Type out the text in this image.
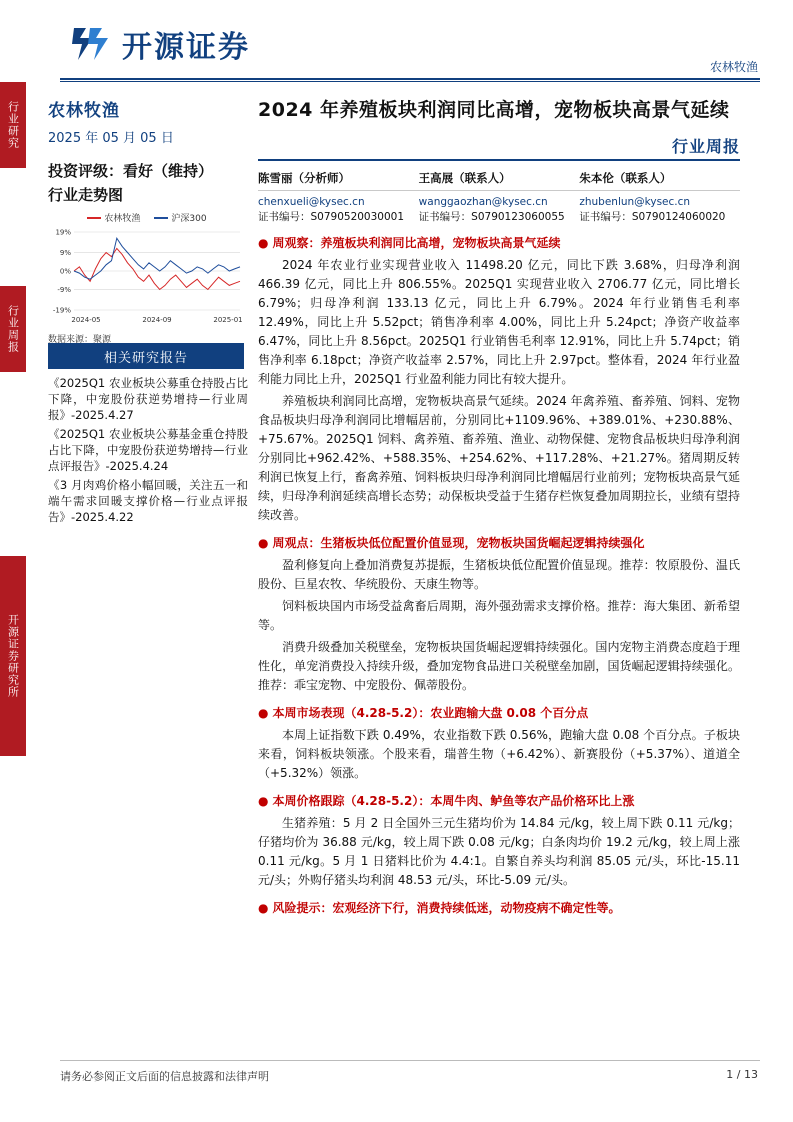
行业研究
行业周报
开源证券研究所
开源证券
农林牧渔
农林牧渔
2025 年 05 月 05 日
投资评级：看好（维持）
行业走势图
农林牧渔	沪深300
19%
9%
0%
-9%
-19%
2024-05	2024-09	2025-01
数据来源：聚源
相关研究报告
《2025Q1 农业板块公募重仓持股占比下降，中宠股份获逆势增持—行业周报》-2025.4.27
《2025Q1 农业板块公募基金重仓持股占比下降，中宠股份获逆势增持—行业点评报告》-2025.4.24
《3 月肉鸡价格小幅回暖，关注五一和端午需求回暖支撑价格—行业点评报告》-2025.4.22
2024 年养殖板块利润同比高增，宠物板块高景气延续
行业周报
陈雪丽（分析师）
chenxueli@kysec.cn
证书编号：S0790520030001
王高展（联系人）
wanggaozhan@kysec.cn
证书编号：S0790123060055
朱本伦（联系人）
zhubenlun@kysec.cn
证书编号：S0790124060020
● 周观察：养殖板块利润同比高增，宠物板块高景气延续
2024 年农业行业实现营业收入 11498.20 亿元，同比下跌 3.68%，归母净利润 466.39 亿元，同比上升 806.55%。2025Q1 实现营业收入 2706.77 亿元，同比增长 6.79%；归母净利润 133.13 亿元，同比上升 6.79%。2024 年行业销售毛利率 12.49%，同比上升 5.52pct；销售净利率 4.00%，同比上升 5.24pct；净资产收益率 6.47%，同比上升 8.56pct。2025Q1 行业销售毛利率 12.91%，同比上升 5.74pct；销售净利率 6.18pct；净资产收益率 2.57%，同比上升 2.97pct。整体看，2024 年行业盈利能力同比上升，2025Q1 行业盈利能力同比有较大提升。
养殖板块利润同比高增，宠物板块高景气延续。2024 年禽养殖、畜养殖、饲料、宠物食品板块归母净利润同比增幅居前，分别同比+1109.96%、+389.01%、+230.88%、+75.67%。2025Q1 饲料、禽养殖、畜养殖、渔业、动物保健、宠物食品板块归母净利润分别同比+962.42%、+588.35%、+254.62%、+117.28%、+21.27%。猪周期反转利润已恢复上行，畜禽养殖、饲料板块归母净利润同比增幅居行业前列；宠物板块高景气延续，归母净利润延续高增长态势；动保板块受益于生猪存栏恢复叠加周期拉长，业绩有望持续改善。
● 周观点：生猪板块低位配置价值显现，宠物板块国货崛起逻辑持续强化
盈利修复向上叠加消费复苏提振，生猪板块低位配置价值显现。推荐：牧原股份、温氏股份、巨星农牧、华统股份、天康生物等。
饲料板块国内市场受益禽畜后周期，海外强劲需求支撑价格。推荐：海大集团、新希望等。
消费升级叠加关税壁垒，宠物板块国货崛起逻辑持续强化。国内宠物主消费态度趋于理性化，单宠消费投入持续升级，叠加宠物食品进口关税壁垒加剧，国货崛起逻辑持续强化。推荐：乖宝宠物、中宠股份、佩蒂股份。
● 本周市场表现（4.28-5.2）：农业跑输大盘 0.08 个百分点
本周上证指数下跌 0.49%，农业指数下跌 0.56%，跑输大盘 0.08 个百分点。子板块来看，饲料板块领涨。个股来看，瑞普生物（+6.42%）、新赛股份（+5.37%）、道道全（+5.32%）领涨。
● 本周价格跟踪（4.28-5.2）：本周牛肉、鲈鱼等农产品价格环比上涨
生猪养殖：5 月 2 日全国外三元生猪均价为 14.84 元/kg，较上周下跌 0.11 元/kg；仔猪均价为 36.88 元/kg，较上周下跌 0.08 元/kg；白条肉均价 19.2 元/kg，较上周上涨 0.11 元/kg。5 月 1 日猪料比价为 4.4:1。自繁自养头均利润 85.05 元/头，环比-15.11 元/头；外购仔猪头均利润 48.53 元/头，环比-5.09 元/头。
● 风险提示：宏观经济下行，消费持续低迷，动物疫病不确定性等。
请务必参阅正文后面的信息披露和法律声明	1 / 13
